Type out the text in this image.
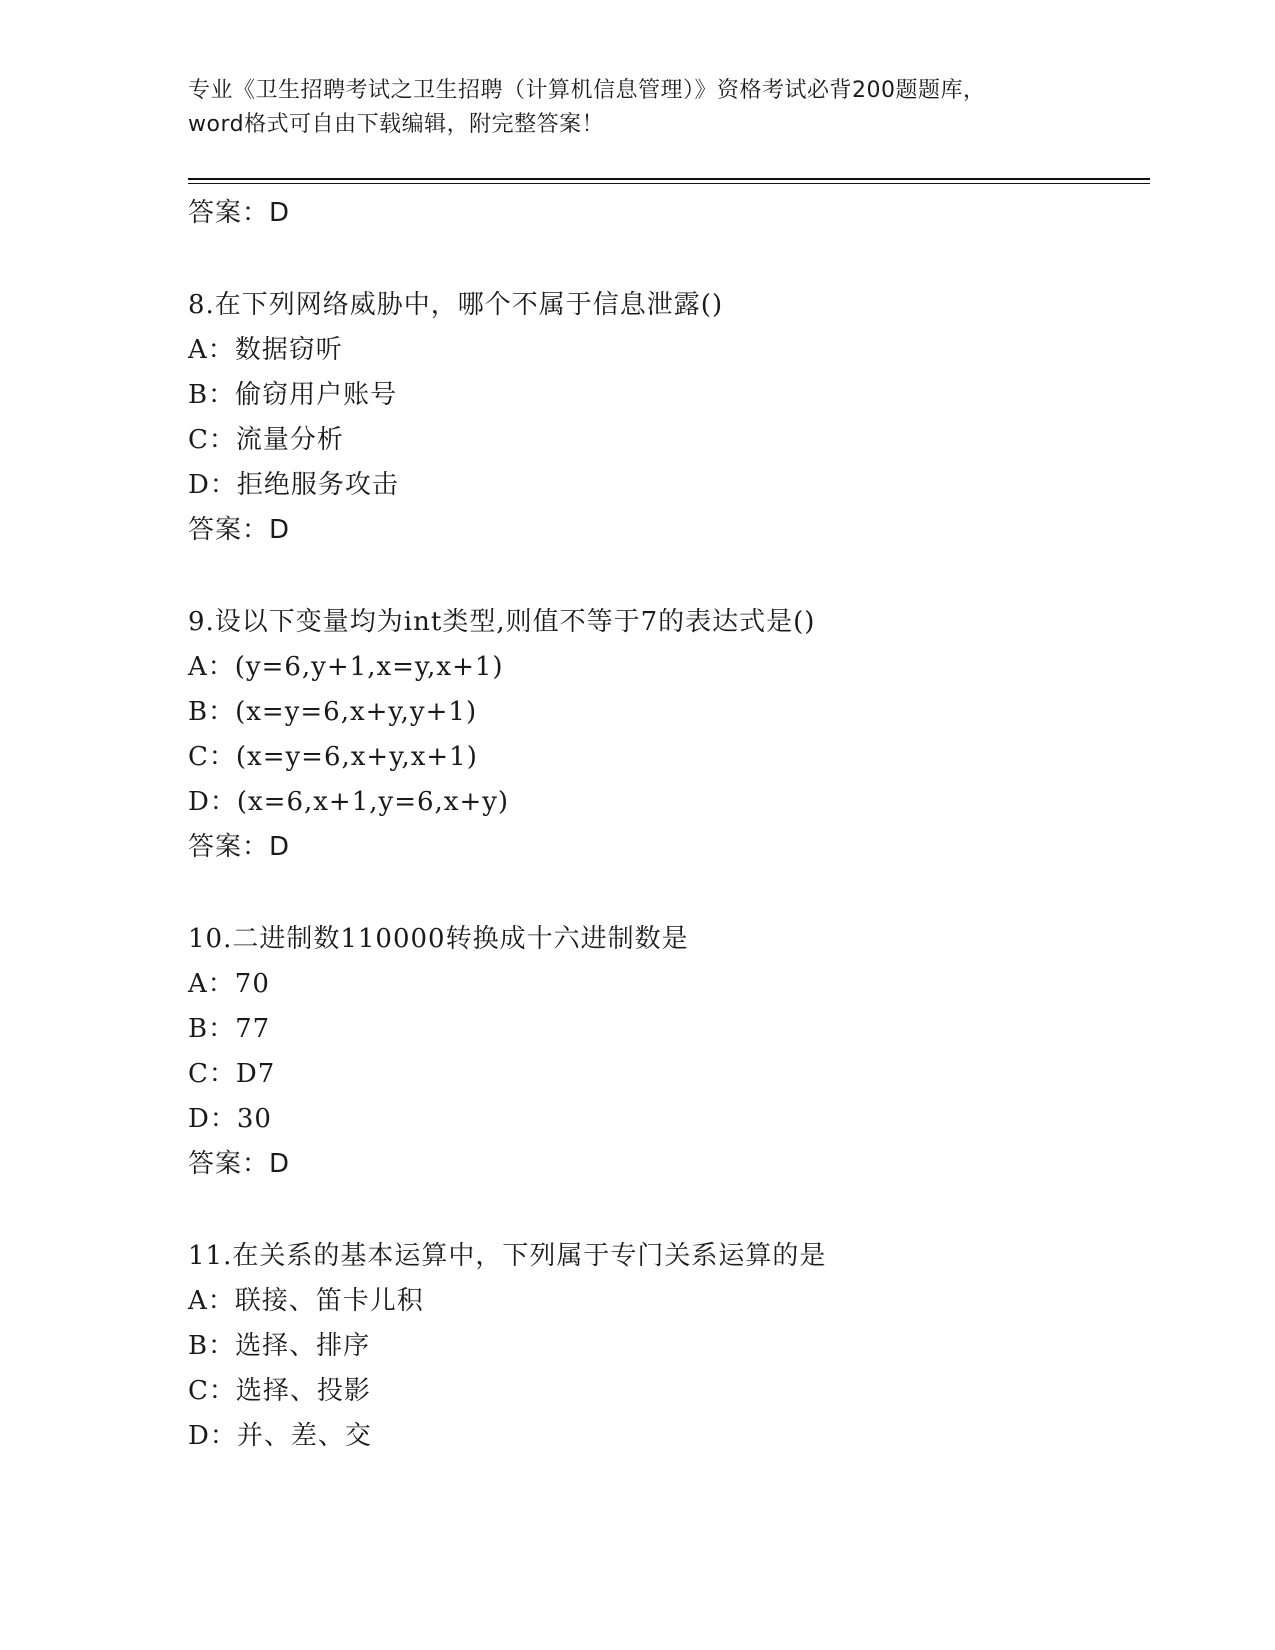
专业《卫生招聘考试之卫生招聘（计算机信息管理）》资格考试必背200题题库，
word格式可自由下载编辑，附完整答案！
答案：D
8.在下列网络威胁中，哪个不属于信息泄露()
A：数据窃听
B：偷窃用户账号
C：流量分析
D：拒绝服务攻击
答案：D
9.设以下变量均为int类型,则值不等于7的表达式是()
A：(y=6,y+1,x=y,x+1)
B：(x=y=6,x+y,y+1)
C：(x=y=6,x+y,x+1)
D：(x=6,x+1,y=6,x+y)
答案：D
10.二进制数110000转换成十六进制数是
A：70
B：77
C：D7
D：30
答案：D
11.在关系的基本运算中，下列属于专门关系运算的是
A：联接、笛卡儿积
B：选择、排序
C：选择、投影
D：并、差、交
